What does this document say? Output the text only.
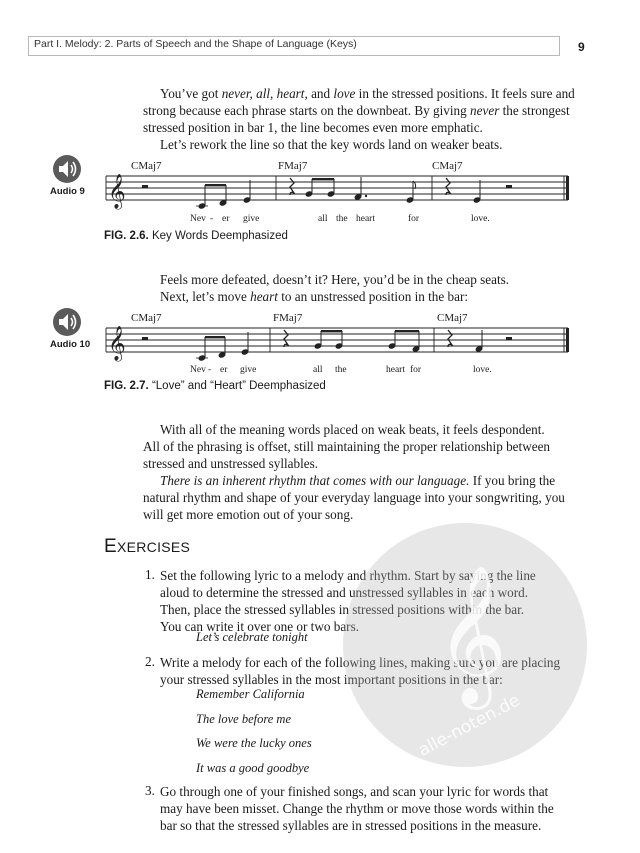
Part I. Melody: 2. Parts of Speech and the Shape of Language (Keys)	9
You’ve got never, all, heart, and love in the stressed positions. It feels sure and
strong because each phrase starts on the downbeat. By giving never the strongest
stressed position in bar 1, the line becomes even more emphatic.
Let’s rework the line so that the key words land on weaker beats.
Audio 9
CMaj7	FMaj7	CMaj7
𝄞
Nev - er give	all the heart	for	love.
FIG. 2.6. Key Words Deemphasized
Feels more defeated, doesn’t it? Here, you’d be in the cheap seats.
Next, let’s move heart to an unstressed position in the bar:
Audio 10
CMaj7	FMaj7	CMaj7
𝄞
Nev - er give	all the	heart for	love.
FIG. 2.7. “Love” and “Heart” Deemphasized
With all of the meaning words placed on weak beats, it feels despondent.
All of the phrasing is offset, still maintaining the proper relationship between
stressed and unstressed syllables.
There is an inherent rhythm that comes with our language. If you bring the
natural rhythm and shape of your everyday language into your songwriting, you
will get more emotion out of your song.
EXERCISES
1. Set the following lyric to a melody and rhythm. Start by saying the line
aloud to determine the stressed and unstressed syllables in each word.
Then, place the stressed syllables in stressed positions within the bar.
You can write it over one or two bars.
Let’s celebrate tonight
2. Write a melody for each of the following lines, making sure you are placing
your stressed syllables in the most important positions in the bar:
Remember California
The love before me
We were the lucky ones
It was a good goodbye
3. Go through one of your finished songs, and scan your lyric for words that
may have been misset. Change the rhythm or move those words within the
bar so that the stressed syllables are in stressed positions in the measure.
𝄞
alle-noten.de
